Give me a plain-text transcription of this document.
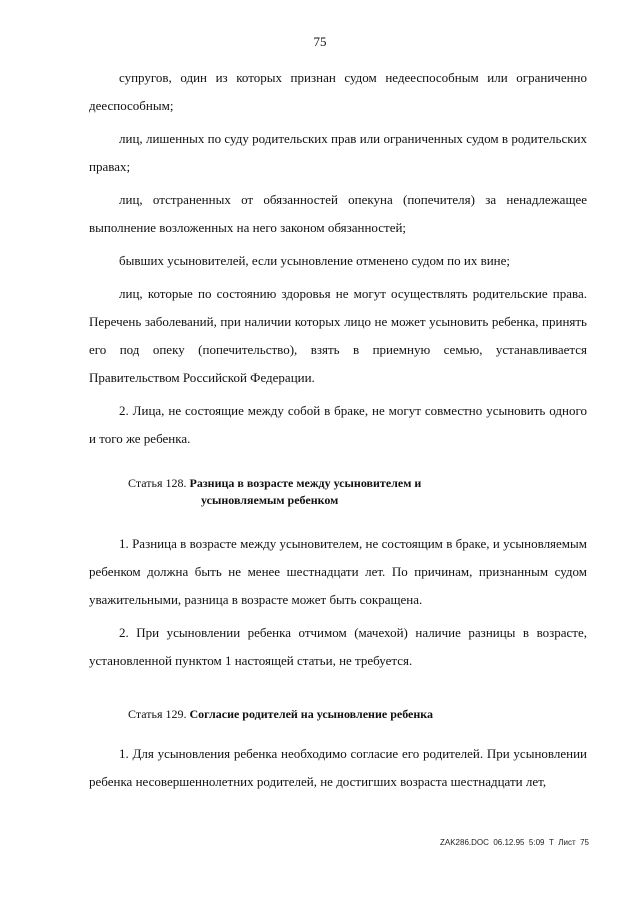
75

супругов, один из которых признан судом недееспособным или ограниченно дееспособным;

лиц, лишенных по суду родительских прав или ограниченных судом в родительских правах;

лиц, отстраненных от обязанностей опекуна (попечителя) за ненадлежащее выполнение возложенных на него законом обязанностей;

бывших усыновителей, если усыновление отменено судом по их вине;

лиц, которые по состоянию здоровья не могут осуществлять родительские права. Перечень заболеваний, при наличии которых лицо не может усыновить ребенка, принять его под опеку (попечительство), взять в приемную семью, устанавливается Правительством Российской Федерации.

2. Лица, не состоящие между собой в браке, не могут совместно усыновить одного и того же ребенка.

Статья 128. Разница в возрасте между усыновителем и
усыновляемым ребенком

1. Разница в возрасте между усыновителем, не состоящим в браке, и усыновляемым ребенком должна быть не менее шестнадцати лет. По причинам, признанным судом уважительными, разница в возрасте может быть сокращена.

2. При усыновлении ребенка отчимом (мачехой) наличие разницы в возрасте, установленной пунктом 1 настоящей статьи, не требуется.

Статья 129. Согласие родителей на усыновление ребенка

1. Для усыновления ребенка необходимо согласие его родителей. При усыновлении ребенка несовершеннолетних родителей, не достигших возраста шестнадцати лет,

ZAK286.DOC  06.12.95  5:09  Т  Лист  75
